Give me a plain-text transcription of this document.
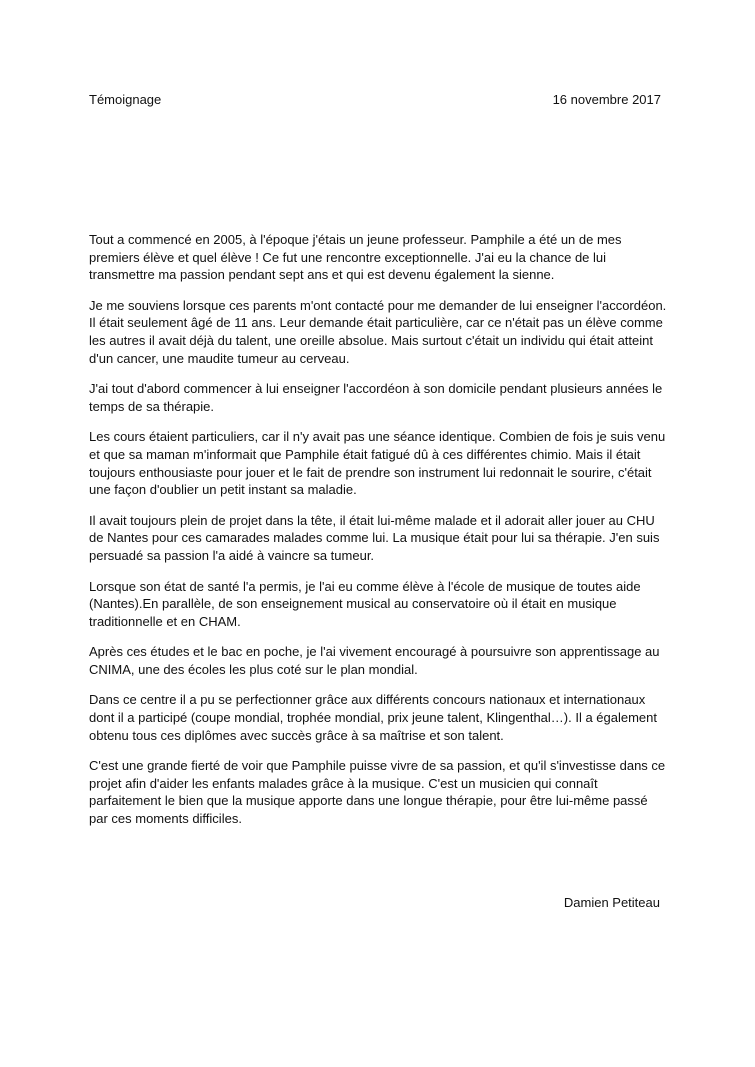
Témoignage	16 novembre 2017

Tout a commencé en 2005, à l'époque j'étais un jeune professeur. Pamphile a été un de mes premiers élève et quel élève ! Ce fut une rencontre exceptionnelle. J'ai eu la chance de lui transmettre ma passion pendant sept ans et qui est devenu également la sienne.

Je me souviens lorsque ces parents m'ont contacté pour me demander de lui enseigner l'accordéon. Il était seulement âgé de 11 ans. Leur demande était particulière, car ce n'était pas un élève comme les autres il avait déjà du talent, une oreille absolue. Mais surtout c'était un individu qui était atteint d'un cancer, une maudite tumeur au cerveau.

J'ai tout d'abord commencer à lui enseigner l'accordéon à son domicile pendant plusieurs années le temps de sa thérapie.

Les cours étaient particuliers, car il n'y avait pas une séance identique. Combien de fois je suis venu et que sa maman m'informait que Pamphile était fatigué dû à ces différentes chimio. Mais il était toujours enthousiaste pour jouer et le fait de prendre son instrument lui redonnait le sourire, c'était une façon d'oublier un petit instant sa maladie.

Il avait toujours plein de projet dans la tête, il était lui-même malade et il adorait aller jouer au CHU de Nantes pour ces camarades malades comme lui. La musique était pour lui sa thérapie. J'en suis persuadé sa passion l'a aidé à vaincre sa tumeur.

Lorsque son état de santé l'a permis, je l'ai eu comme élève à l'école de musique de toutes aide (Nantes).En parallèle, de son enseignement musical au conservatoire où il était en musique traditionnelle et en CHAM.

Après ces études et le bac en poche, je l'ai vivement encouragé à poursuivre son apprentissage au CNIMA, une des écoles les plus coté sur le plan mondial.

Dans ce centre il a pu se perfectionner grâce aux différents concours nationaux et internationaux dont il a participé (coupe mondial, trophée mondial, prix jeune talent, Klingenthal…). Il a également obtenu tous ces diplômes avec succès grâce à sa maîtrise et son talent.

C'est une grande fierté de voir que Pamphile puisse vivre de sa passion, et qu'il s'investisse dans ce projet afin d'aider les enfants malades grâce à la musique. C'est un musicien qui connaît parfaitement le bien que la musique apporte dans une longue thérapie, pour être lui-même passé par ces moments difficiles.

Damien Petiteau
